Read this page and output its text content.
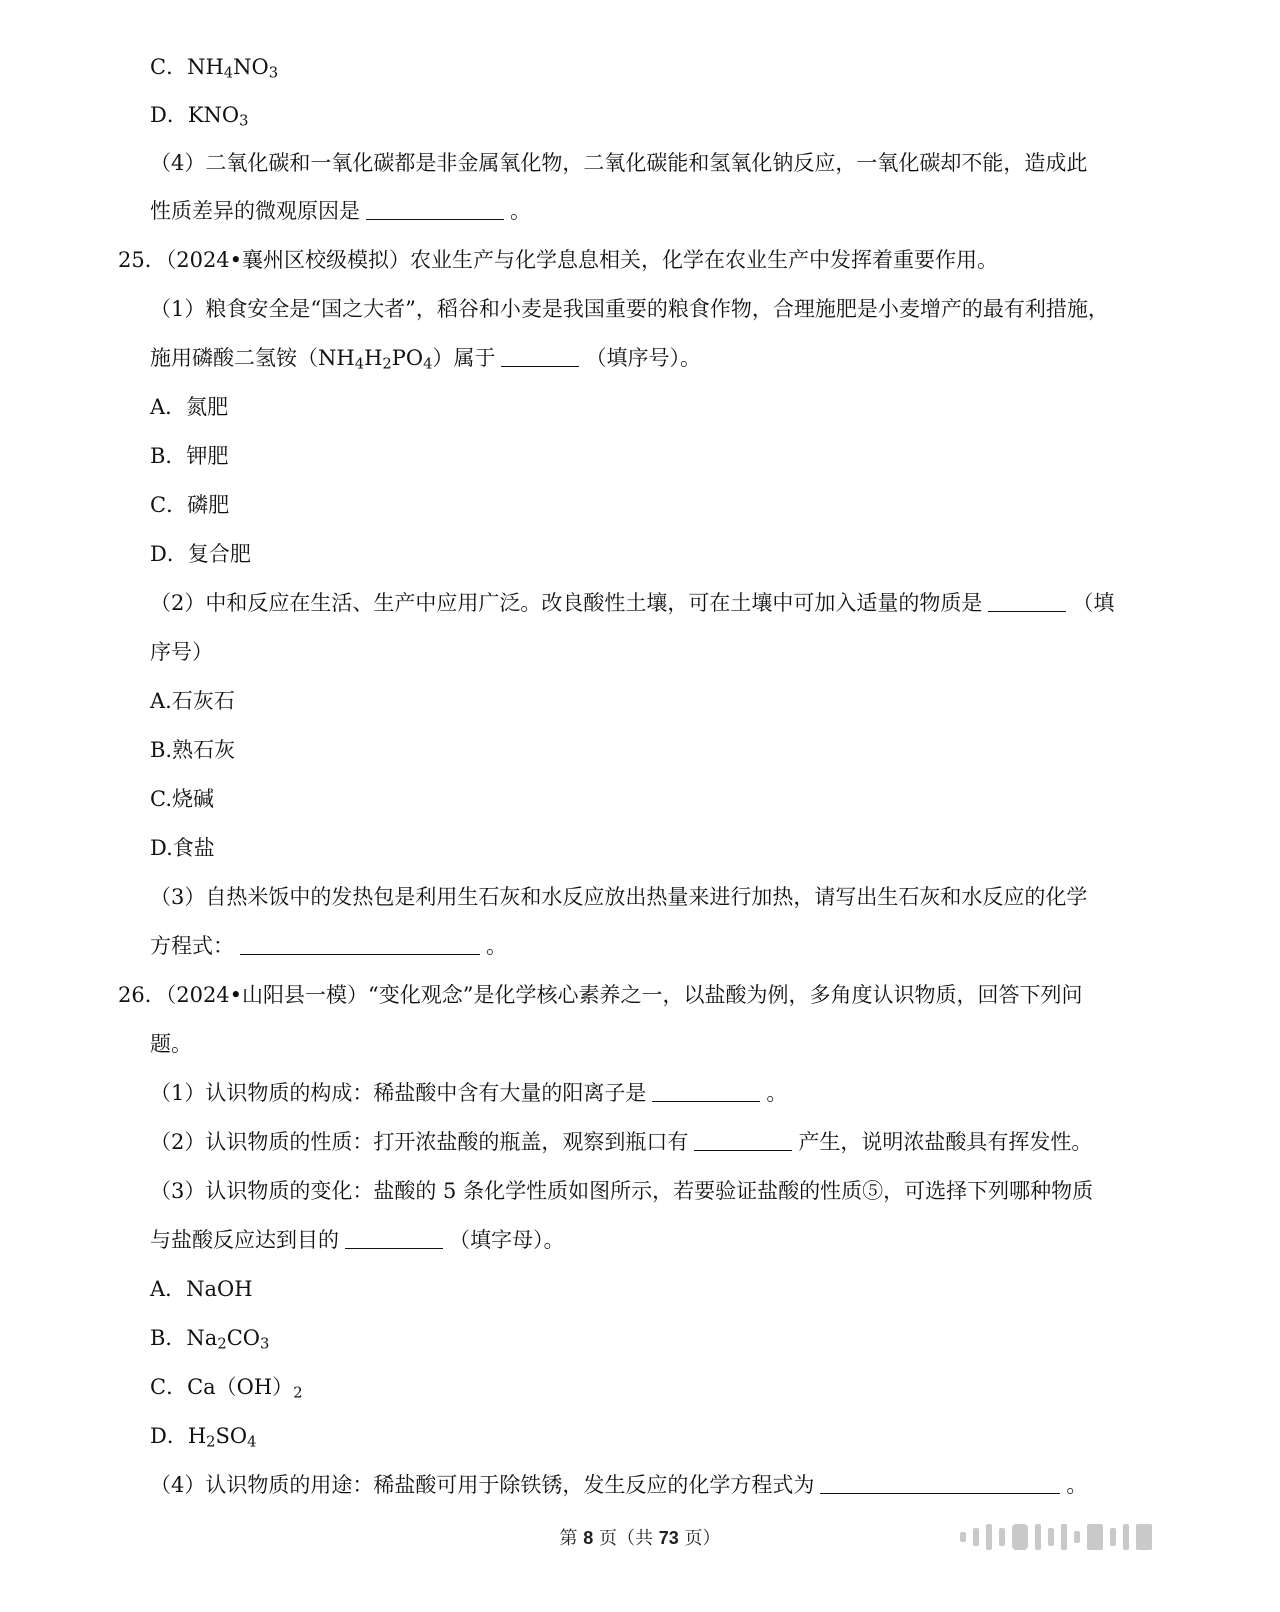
C．$NH_4NO_3$
D．$KNO_3$
（4）二氧化碳和一氧化碳都是非金属氧化物，二氧化碳能和氢氧化钠反应，一氧化碳却不能，造成此
性质差异的微观原因是	。
25．（2024•襄州区校级模拟）农业生产与化学息息相关，化学在农业生产中发挥着重要作用。
（1）粮食安全是“国之大者”，稻谷和小麦是我国重要的粮食作物，合理施肥是小麦增产的最有利措施，
施用磷酸二氢铵$(NH_4H_2PO_4)$属于	（填序号）。
A．氮肥
B．钾肥
C．磷肥
D．复合肥
（2）中和反应在生活、生产中应用广泛。改良酸性土壤，可在土壤中可加入适量的物质是	（填
序号）
A.石灰石
B.熟石灰
C.烧碱
D.食盐
（3）自热米饭中的发热包是利用生石灰和水反应放出热量来进行加热，请写出生石灰和水反应的化学
方程式：	。
26．（2024•山阳县一模）“变化观念”是化学核心素养之一，以盐酸为例，多角度认识物质，回答下列问
题。
（1）认识物质的构成：稀盐酸中含有大量的阳离子是	。
（2）认识物质的性质：打开浓盐酸的瓶盖，观察到瓶口有	产生，说明浓盐酸具有挥发性。
（3）认识物质的变化：盐酸的 5 条化学性质如图所示，若要验证盐酸的性质⑤，可选择下列哪种物质
与盐酸反应达到目的	（填字母）。
A．NaOH
B．$Na_2CO_3$
C．$Ca(OH)_2$
D．$H_2SO_4$
（4）认识物质的用途：稀盐酸可用于除铁锈，发生反应的化学方程式为	。
第 8 页（共 73 页）
